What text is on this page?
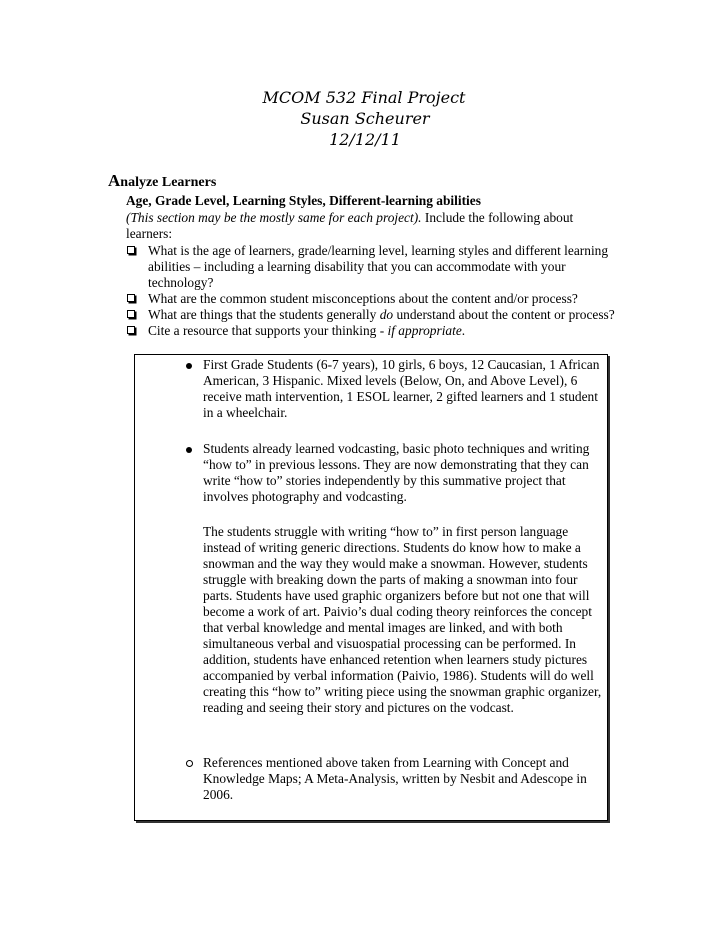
MCOM 532 Final Project
Susan Scheurer
12/12/11
Analyze Learners
Age, Grade Level, Learning Styles, Different-learning abilities
(This section may be the mostly same for each project). Include the following about
learners:
What is the age of learners, grade/learning level, learning styles and different learning abilities – including a learning disability that you can accommodate with your technology?
What are the common student misconceptions about the content and/or process?
What are things that the students generally do understand about the content or process?
Cite a resource that supports your thinking - if appropriate.
First Grade Students (6-7 years), 10 girls, 6 boys, 12 Caucasian, 1 African American, 3 Hispanic. Mixed levels (Below, On, and Above Level), 6 receive math intervention, 1 ESOL learner, 2 gifted learners and 1 student in a wheelchair.
Students already learned vodcasting, basic photo techniques and writing “how to” in previous lessons. They are now demonstrating that they can write “how to” stories independently by this summative project that involves photography and vodcasting.
The students struggle with writing “how to” in first person language instead of writing generic directions. Students do know how to make a snowman and the way they would make a snowman. However, students struggle with breaking down the parts of making a snowman into four parts. Students have used graphic organizers before but not one that will become a work of art. Paivio’s dual coding theory reinforces the concept that verbal knowledge and mental images are linked, and with both simultaneous verbal and visuospatial processing can be performed. In addition, students have enhanced retention when learners study pictures accompanied by verbal information (Paivio, 1986). Students will do well creating this “how to” writing piece using the snowman graphic organizer, reading and seeing their story and pictures on the vodcast.
References mentioned above taken from Learning with Concept and Knowledge Maps; A Meta-Analysis, written by Nesbit and Adescope in 2006.
